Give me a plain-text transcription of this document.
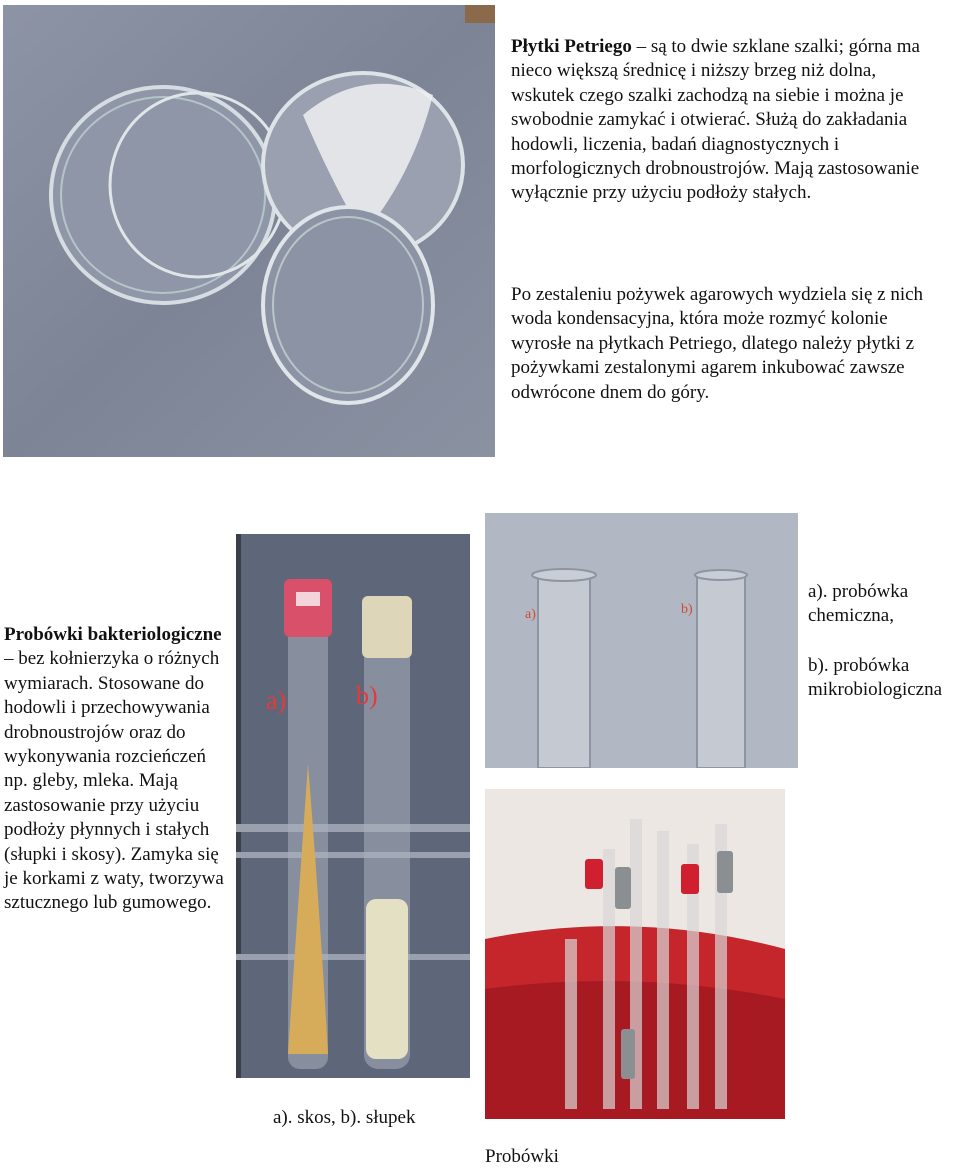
Płytki Petriego – są to dwie szklane szalki; górna ma nieco większą średnicę i niższy brzeg niż dolna, wskutek czego szalki zachodzą na siebie i można je swobodnie zamykać i otwierać. Służą do zakładania hodowli, liczenia, badań diagnostycznych i morfologicznych drobnoustrojów. Mają zastosowanie wyłącznie przy użyciu podłoży stałych.
Po zestaleniu pożywek agarowych wydziela się z nich woda kondensacyjna, która może rozmyć kolonie wyrosłe na płytkach Petriego, dlatego należy płytki z pożywkami zestalonymi agarem inkubować zawsze odwrócone dnem do góry.
Probówki bakteriologiczne – bez kołnierzyka o różnych wymiarach. Stosowane do hodowli i przechowywania drobnoustrojów oraz do wykonywania rozcieńczeń np. gleby, mleka. Mają zastosowanie przy użyciu podłoży płynnych i stałych (słupki i skosy). Zamyka się je korkami z waty, tworzywa sztucznego lub gumowego.
a)	b)
a). skos, b). słupek
a)	b)
a). probówka chemiczna,
b). probówka mikrobiologiczna
Probówki
